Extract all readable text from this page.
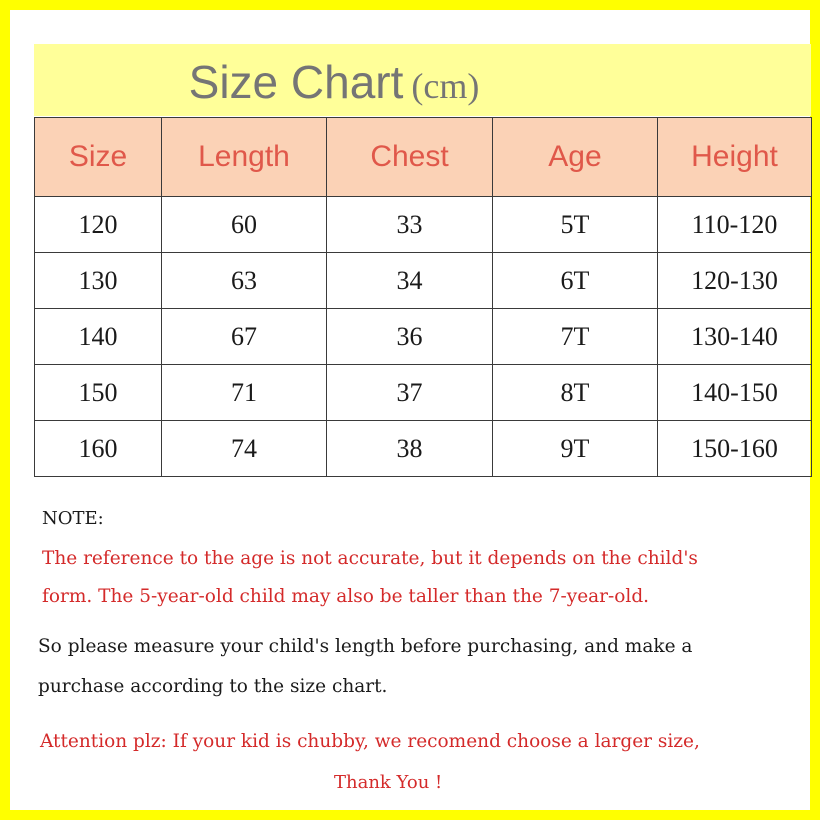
Size Chart (cm)
Size	Length	Chest	Age	Height
120	60	33	5T	110-120
130	63	34	6T	120-130
140	67	36	7T	130-140
150	71	37	8T	140-150
160	74	38	9T	150-160
NOTE:
The reference to the age is not accurate, but it depends on the child's
form. The 5-year-old child may also be taller than the 7-year-old.
So please measure your child's length before purchasing, and make a
purchase according to the size chart.
Attention plz: If your kid is chubby, we recomend choose a larger size,
Thank You !
